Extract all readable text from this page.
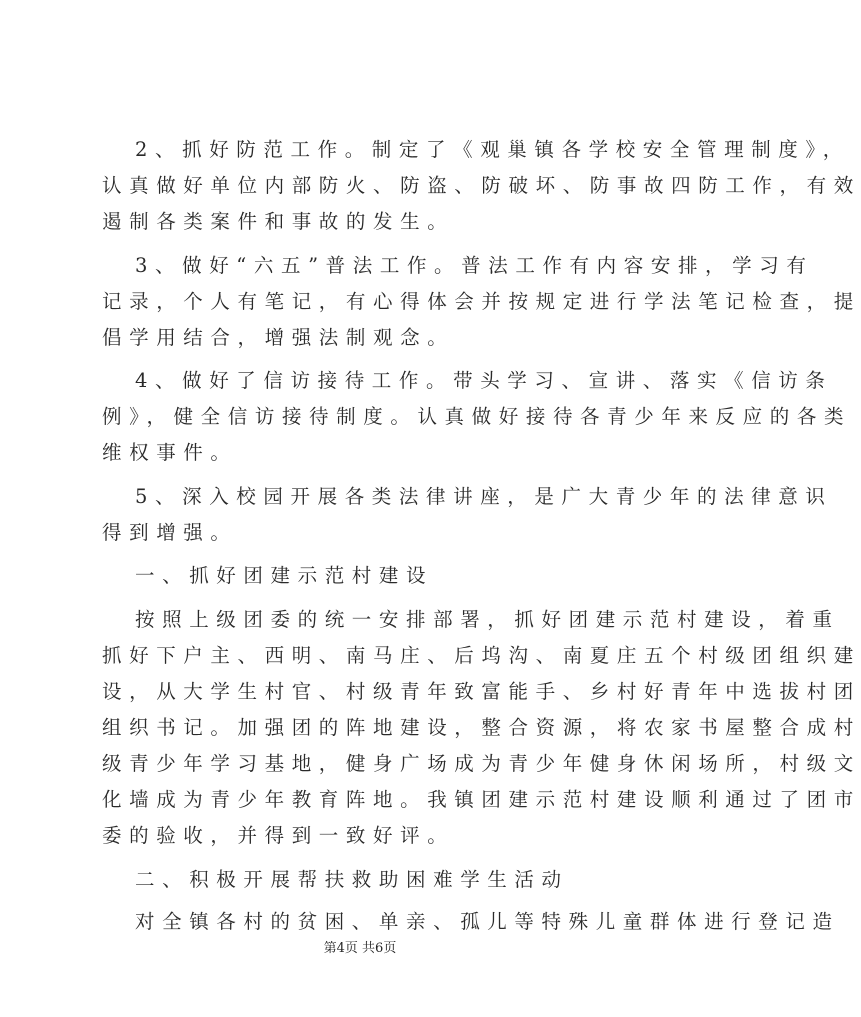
2、抓好防范工作。制定了《观巢镇各学校安全管理制度》，
认真做好单位内部防火、防盗、防破坏、防事故四防工作，有效
遏制各类案件和事故的发生。
3、做好“六五”普法工作。普法工作有内容安排，学习有
记录，个人有笔记，有心得体会并按规定进行学法笔记检查，提
倡学用结合，增强法制观念。
4、做好了信访接待工作。带头学习、宣讲、落实《信访条
例》，健全信访接待制度。认真做好接待各青少年来反应的各类
维权事件。
5、深入校园开展各类法律讲座，是广大青少年的法律意识
得到增强。
一、抓好团建示范村建设
按照上级团委的统一安排部署，抓好团建示范村建设，着重
抓好下户主、西明、南马庄、后坞沟、南夏庄五个村级团组织建
设，从大学生村官、村级青年致富能手、乡村好青年中选拔村团
组织书记。加强团的阵地建设，整合资源，将农家书屋整合成村
级青少年学习基地，健身广场成为青少年健身休闲场所，村级文
化墙成为青少年教育阵地。我镇团建示范村建设顺利通过了团市
委的验收，并得到一致好评。
二、积极开展帮扶救助困难学生活动
对全镇各村的贫困、单亲、孤儿等特殊儿童群体进行登记造
第4页 共6页
